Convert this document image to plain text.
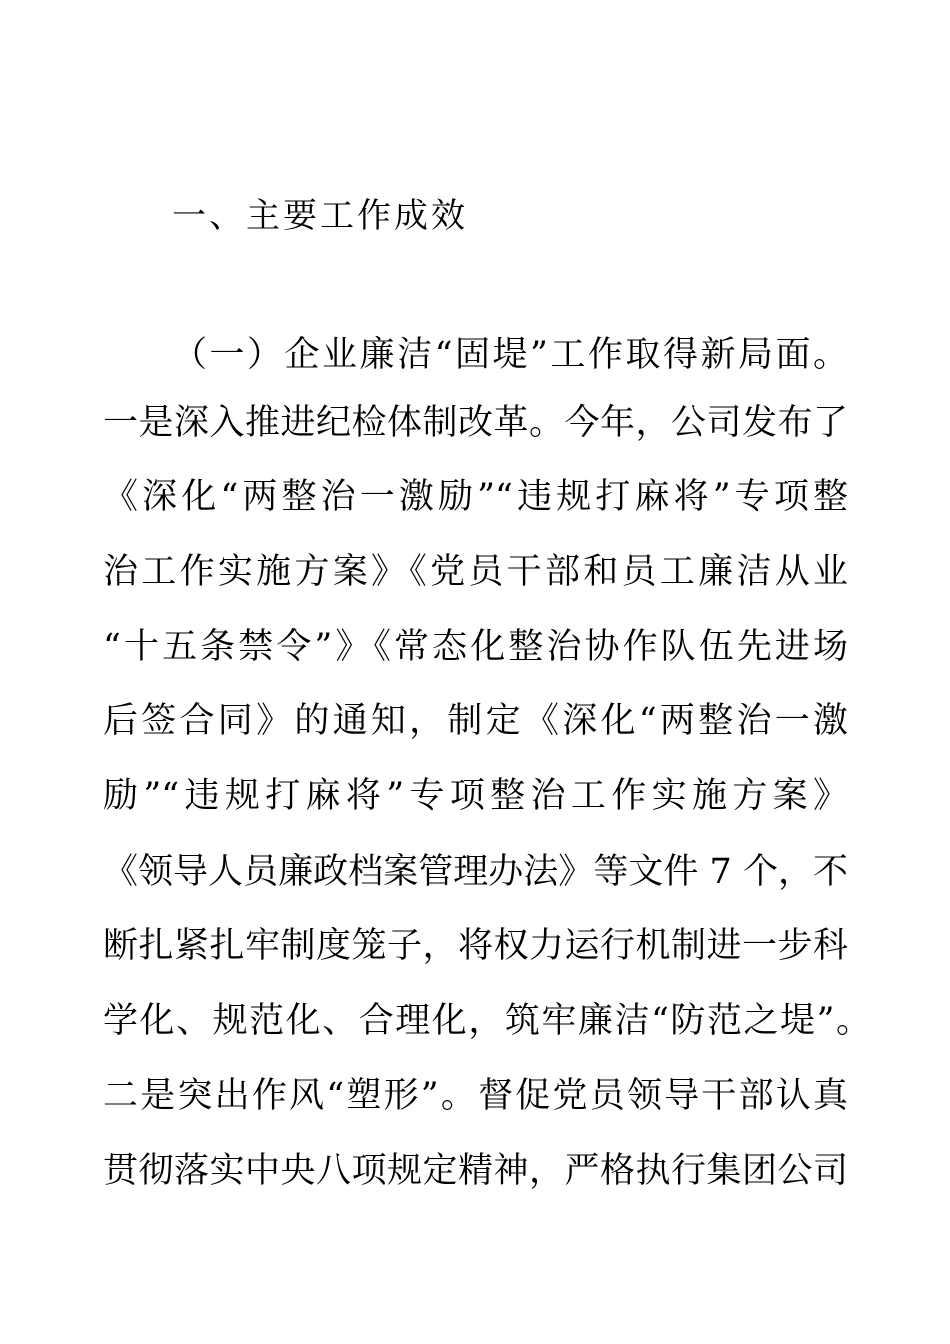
一、主要工作成效
（一）企业廉洁“固堤”工作取得新局面。
一是深入推进纪检体制改革。今年，公司发布了
《深化“两整治一激励”“违规打麻将”专项整
治工作实施方案》《党员干部和员工廉洁从业
“十五条禁令”》《常态化整治协作队伍先进场
后签合同》的通知，制定《深化“两整治一激
励”“违规打麻将”专项整治工作实施方案》
《领导人员廉政档案管理办法》等文件 7 个，不
断扎紧扎牢制度笼子，将权力运行机制进一步科
学化、规范化、合理化，筑牢廉洁“防范之堤”。
二是突出作风“塑形”。督促党员领导干部认真
贯彻落实中央八项规定精神，严格执行集团公司
